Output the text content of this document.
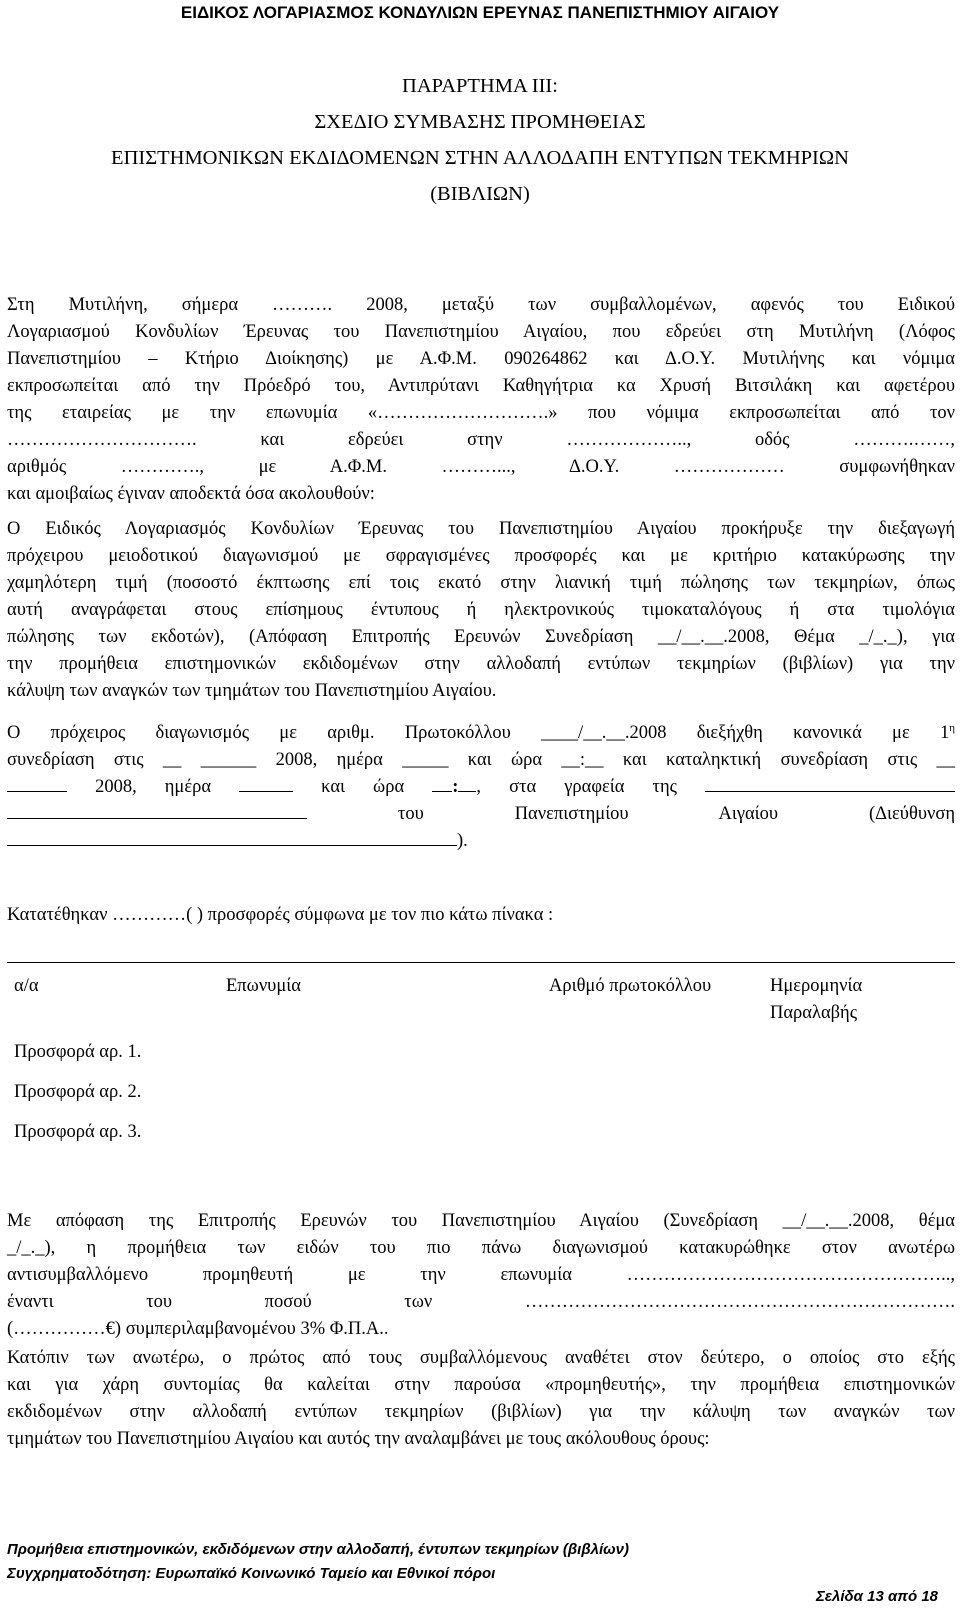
ΕΙΔΙΚΟΣ ΛΟΓΑΡΙΑΣΜΟΣ ΚΟΝΔΥΛΙΩΝ ΕΡΕΥΝΑΣ ΠΑΝΕΠΙΣΤΗΜΙΟΥ ΑΙΓΑΙΟΥ
ΠΑΡΑΡΤΗΜΑ ΙΙΙ:
ΣΧΕΔΙΟ ΣΥΜΒΑΣΗΣ ΠΡΟΜΗΘΕΙΑΣ
ΕΠΙΣΤΗΜΟΝΙΚΩΝ ΕΚΔΙΔΟΜΕΝΩΝ ΣΤΗΝ ΑΛΛΟΔΑΠΗ ΕΝΤΥΠΩΝ ΤΕΚΜΗΡΙΩΝ
(ΒΙΒΛΙΩΝ)

Στη Μυτιλήνη, σήμερα ………. 2008, μεταξύ των συμβαλλομένων, αφενός του Ειδικού

Λογαριασμού Κονδυλίων Έρευνας του Πανεπιστημίου Αιγαίου, που εδρεύει στη Μυτιλήνη (Λόφος

Πανεπιστημίου – Κτήριο Διοίκησης) με Α.Φ.Μ. 090264862 και Δ.Ο.Υ. Μυτιλήνης και νόμιμα

εκπροσωπείται από την Πρόεδρό του, Αντιπρύτανι Καθηγήτρια κα Χρυσή Βιτσιλάκη και αφετέρου

της εταιρείας με την επωνυμία «……………………….» που νόμιμα εκπροσωπείται από τον

…………………………. και εδρεύει στην ……………….., οδός ……….……,

αριθμός …………., με Α.Φ.Μ. ………..., Δ.Ο.Υ. ……………… συμφωνήθηκαν

και αμοιβαίως έγιναν αποδεκτά όσα ακολουθούν:

Ο Ειδικός Λογαριασμός Κονδυλίων Έρευνας του Πανεπιστημίου Αιγαίου προκήρυξε την διεξαγωγή

πρόχειρου μειοδοτικού διαγωνισμού με σφραγισμένες προσφορές και με κριτήριο κατακύρωσης την

χαμηλότερη τιμή (ποσοστό έκπτωσης επί τοις εκατό στην λιανική τιμή πώλησης των τεκμηρίων, όπως

αυτή αναγράφεται στους επίσημους έντυπους ή ηλεκτρονικούς τιμοκαταλόγους ή στα τιμολόγια

πώλησης των εκδοτών), (Απόφαση Επιτροπής Ερευνών Συνεδρίαση __/__.__.2008, Θέμα _/_._), για

την προμήθεια επιστημονικών εκδιδομένων στην αλλοδαπή εντύπων τεκμηρίων (βιβλίων) για την

κάλυψη των αναγκών των τμημάτων του Πανεπιστημίου Αιγαίου.

Ο πρόχειρος διαγωνισμός με αριθμ. Πρωτοκόλλου ____/__.__.2008 διεξήχθη κανονικά με $1^\eta$

συνεδρίαση στις __ ______ 2008, ημέρα _____ και ώρα __:__ και καταληκτική συνεδρίαση στις __

2008, ημέρα	και ώρα	: , στα γραφεία της

του Πανεπιστημίου Αιγαίου (Διεύθυνση

).

Κατατέθηκαν …………( ) προσφορές σύμφωνα με τον πιο κάτω πίνακα :
α/α	Επωνυμία	Αριθμό πρωτοκόλλου	Ημερομηνία Παραλαβής
Προσφορά αρ. 1.
Προσφορά αρ. 2.
Προσφορά αρ. 3.

Με απόφαση της Επιτροπής Ερευνών του Πανεπιστημίου Αιγαίου (Συνεδρίαση __/__.__.2008, θέμα

_/_._), η προμήθεια των ειδών του πιο πάνω διαγωνισμού κατακυρώθηκε στον ανωτέρω

αντισυμβαλλόμενο προμηθευτή με την επωνυμία ……………………………………………..,

έναντι του ποσού των …………………………………………………………….

(……………€) συμπεριλαμβανομένου 3% Φ.Π.Α..

Κατόπιν των ανωτέρω, ο πρώτος από τους συμβαλλόμενους αναθέτει στον δεύτερο, ο οποίος στο εξής

και για χάρη συντομίας θα καλείται στην παρούσα «προμηθευτής», την προμήθεια επιστημονικών

εκδιδομένων στην αλλοδαπή εντύπων τεκμηρίων (βιβλίων) για την κάλυψη των αναγκών των

τμημάτων του Πανεπιστημίου Αιγαίου και αυτός την αναλαμβάνει με τους ακόλουθους όρους:

Προμήθεια επιστημονικών, εκδιδόμενων στην αλλοδαπή, έντυπων τεκμηρίων (βιβλίων)
Συγχρηματοδότηση: Ευρωπαϊκό Κοινωνικό Ταμείο και Εθνικοί πόροι
Σελίδα 13 από 18
